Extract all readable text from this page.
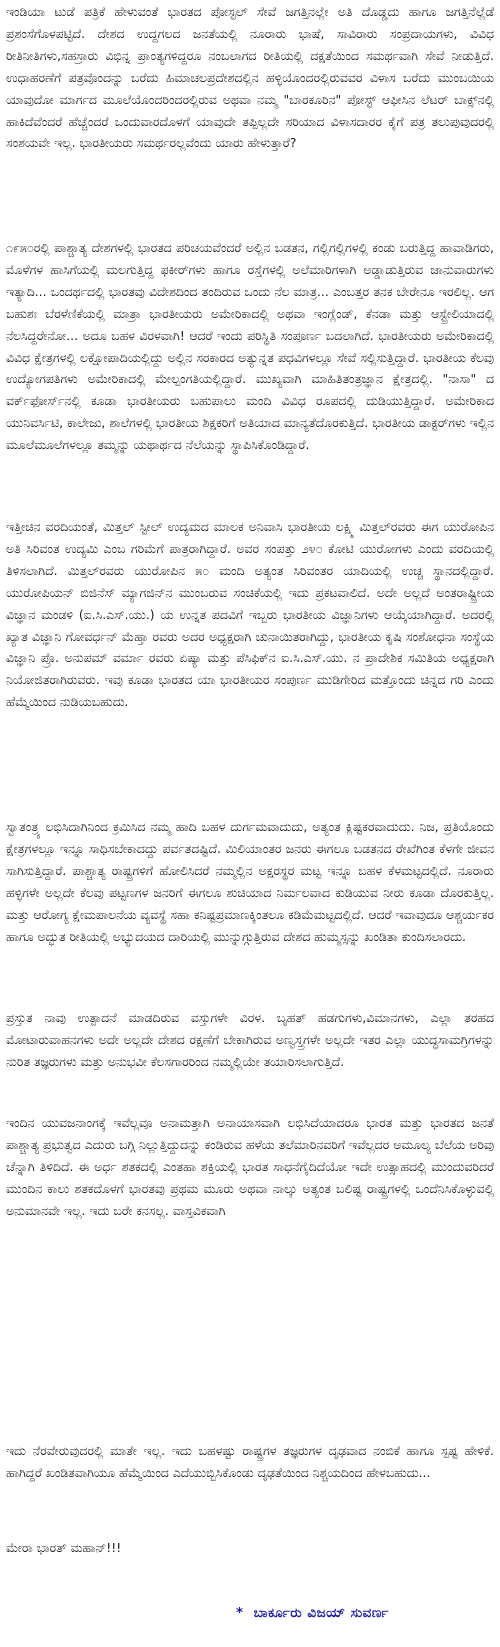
ಇಂಡಿಯಾ ಟುಡೆ ಪತ್ರಿಕೆ ಹೇಳುವಂತೆ ಭಾರತದ ಪೋಸ್ಟಲ್ ಸೇವೆ ಜಗತ್ತಿನಲ್ಲೇ ಅತಿ ದೊಡ್ಡದು ಹಾಗೂ ಜಗತ್ತಿನೆಲ್ಲೆಡೆ ಪ್ರಶಂಸೆಗೊಳಪಟ್ಟಿದೆ. ದೇಶದ ಉದ್ದಗಲದ ಜನತೆಯಲ್ಲಿ ನೂರಾರು ಭಾಷೆ, ಸಾವಿರಾರು ಸಂಪ್ರದಾಯಗಳು, ವಿವಿಧ ರೀತಿನೀತಿಗಳು,ಸಹಸ್ರಾರು ವಿಭಿನ್ನ ಪ್ರಾಂತ್ಯಗಳಿದ್ದರೂ ನಂಬಲಾಗದ ರೀತಿಯಲ್ಲಿ ದಕ್ಷತೆಯಿಂದ ಸಮರ್ಥವಾಗಿ ಸೇವೆ ನೀಡುತ್ತಿದೆ. ಉಧಾಹರಣೆಗೆ ಪತ್ರವೊಂದನ್ನು ಬರೆದು ಹಿಮಾಚಲಪ್ರದೇಶದಲ್ಲಿನ ಹಳ್ಳಿಯೊಂದರಲ್ಲಿರುವವರ ವಿಳಾಸ ಬರೆದು ಮುಂಬಯಿಯ ಯಾವುದೋ ಮಾರ್ಗದ ಮೂಲೆಯೊಂದರಿಂದರಲ್ಲಿರುವ ಅಥವಾ ನಮ್ಮ "ಬಾರಕೂರಿನ" ಪೋಸ್ಟ್ ಆಫೀಸಿನ ಲೆಟರ್ ಬಾಕ್ಸ್‌ನಲ್ಲಿ ಹಾಕಿದೆವೆಂದರೆ ಹೆಚ್ಚೆಂದರೆ ಒಂದುವಾರದೊಳಗೆ ಯಾವುದೇ ತಪ್ಪಿಲ್ಲದೇ ಸರಿಯಾದ ವಿಳಾಸದಾರರ ಕೈಗೆ ಪತ್ರ ತಲುಪುವುದರಲ್ಲಿ ಸಂಶಯವೇ ಇಲ್ಲ. ಭಾರತೀಯರು ಸಮರ್ಥರಲ್ಲವೆಂದು ಯಾರು ಹೇಳುತ್ತಾರೆ?

೧೯೫೦ರಲ್ಲಿ ಪಾಶ್ಚಾತ್ಯ ದೇಶಗಳಲ್ಲಿ ಭಾರತದ ಪರಿಚಯವೆಂದರೆ ಅಲ್ಲಿನ ಬಡತನ, ಗಲ್ಲಿಗಲ್ಲಿಗಳಲ್ಲಿ ಕಂಡು ಬರುತ್ತಿದ್ದ ಹಾವಾಡಿಗರು, ಮೊಳೆಗಳ ಹಾಸಿಗೆಯಲ್ಲಿ ಮಲಗುತ್ತಿದ್ದ ಫಕೀರ್‌ಗಳು ಹಾಗೂ ರಸ್ತೆಗಳಲ್ಲಿ ಅಲೆಮಾರಿಗಳಾಗಿ ಅಡ್ಡಾಡುತ್ತಿರುವ ಜಾನುವಾರುಗಳು ಇತ್ಯಾದಿ... ಒಂದರ್ಥದಲ್ಲಿ ಭಾರತವು ವಿದೇಶದಿಂದ ತಂದಿರುವ ಒಂದು ನೆಲ ಮಾತ್ರ... ಎಂಬತ್ತರ ತನಕ ಬೇರೇನೂ ಇರಲಿಲ್ಲ. ಆಗ ಬಹುಶಃ ಬೆರಳೆಣಿಕೆಯಲ್ಲಿ ಮಾತ್ರಾ ಭಾರತೀಯರು ಅಮೇರಿಕಾದಲ್ಲಿ ಅಥವಾ ಇಂಗ್ಲೆಂಡ್, ಕೆನಡಾ ಮತ್ತು ಆಸ್ಟ್ರೇಲಿಯಾದಲ್ಲಿ ನೆಲಸಿದ್ದರೇನೋ... ಅದೂ ಬಹಳ ವಿರಳವಾಗಿ! ಆದರೆ ಇಂದು ಪರಿಸ್ಥಿತಿ ಸಂಪೂರ್ಣ ಬದಲಾಗಿದೆ. ಭಾರತೀಯರು ಅಮೇರಿಕಾದಲ್ಲಿ ವಿವಿಧ ಕ್ಷೇತ್ರಗಳಲ್ಲಿ ಲಕ್ಷೋಪಾದಿಯಲ್ಲಿದ್ದು ಅಲ್ಲಿನ ಸರಕಾರದ ಅತ್ಯುನ್ನತ ಪಧವಿಗಳಲ್ಲೂ ಸೇವೆ ಸಲ್ಲಿಸುತ್ತಿದ್ದಾರೆ. ಭಾರತೀಯ ಕೆಲವು ಉದ್ಯೋಗಪತಿಗಳು ಅಮೇರಿಕಾದಲ್ಲಿ ಮೇಲ್ಪಂಗತಿಯಲ್ಲಿದ್ದಾರೆ. ಮುಖ್ಯವಾಗಿ ಮಾಹಿತಿತಂತ್ರಜ್ಞಾನ ಕ್ಷೇತ್ರದಲ್ಲಿ. "ನಾಸಾ" ದ ವರ್ಕ್‌ಫೋರ್ಸ್‌ನಲ್ಲಿ ಕೂಡಾ ಭಾರತೀಯರು ಬಹುಪಾಲು ಮಂದಿ ವಿವಿಧ ರೂಪದಲ್ಲಿ ದುಡಿಯುತ್ತಿದ್ದಾರೆ. ಅಮೇರಿಕಾದ ಯುನಿವರ್ಸಿಟಿ, ಕಾಲೇಜು, ಶಾಲೆಗಳಲ್ಲಿ ಭಾರತೀಯ ಶಿಕ್ಷಕರಿಗೆ ಅತಿಯಾದ ಮಾನ್ಯತೆದೊರಕುತ್ತಿದೆ. ಭಾರತೀಯ ಡಾಕ್ಟರ್‌ಗಳು ಇಲ್ಲಿನ ಮೂಲೆಮೂಲೆಗಳಲ್ಲೂ ತಮ್ಮನ್ನು ಯಥಾರ್ಥದ ನೆಲೆಯನ್ನು ಸ್ಥಾಪಿಸಿಕೊಂಡಿದ್ದಾರೆ.

ಇತ್ತೀಚಿನ ವರದಿಯಂತೆ, ಮಿತ್ತಲ್ ಸ್ಟೀಲ್ ಉದ್ಯಮದ ಮಾಲಕ ಅನಿವಾಸಿ ಭಾರತೀಯ ಲಕ್ಷ್ಮಿ ಮಿತ್ತಲ್‌ರವರು ಈಗ ಯುರೋಪಿನ ಅತಿ ಸಿರಿವಂತ ಉದ್ಯಮಿ ಎಂಬ ಗರಿಮೆಗೆ ಪಾತ್ರರಾಗಿದ್ದಾರೆ. ಅವರ ಸಂಪತ್ತು ೨೪೦ ಕೋಟಿ ಯುರೋಗಳು ಎಂದು ವರದಿಯಲ್ಲಿ ತಿಳಿಸಲಾಗಿದೆ. ಮಿತ್ತಲ್‌ರವರು ಯುರೋಪಿನ ೫೦ ಮಂದಿ ಅತ್ಯಂತ ಸಿರಿವಂತರ ಯಾದಿಯಲ್ಲಿ ಉಚ್ಚ ಸ್ಥಾನದಲ್ಲಿದ್ದಾರೆ. ಯುರೋಪಿಯನ್ ಬಿಜಿನೆಸ್ ಮ್ಯಾಗಜಿನ್‌ನ ಮುಂಬರುವ ಸಂಚಿಕೆಯಲ್ಲಿ ಇದು ಪ್ರಕಟವಾಲಿದೆ. ಅದೇ ಅಲ್ಲದೆ ಅಂತರಾಷ್ಟ್ರೀಯ ವಿಜ್ಞಾನ ಮಂಡಳಿ (ಐ.ಸಿ.ಎಸ್.ಯು.) ಯ ಉನ್ನತ ಪದವಿಗೆ ಇಬ್ಬರು ಭಾರತೀಯ ವಿಜ್ಞಾನಿಗಳು ಆಯ್ಕೆಯಾಗಿದ್ದಾರೆ. ಅದರಲ್ಲಿ ಖ್ಯಾತ ವಿಜ್ಞಾನಿ ಗೋವರ್ಧನ್ ಮೆಹ್ತಾ ರವರು ಅದರ ಅಧ್ಯಕ್ಷರಾಗಿ ಚುನಾಯಿತರಾಗಿದ್ದು, ಭಾರತೀಯ ಕೃಷಿ ಸಂಶೋಧನಾ ಸಂಸ್ಥೆಯ ವಿಜ್ಞಾನಿ ಪ್ರೊ. ಅನುಪಮ್ ವರ್ಮಾ ರವರು ಏಷ್ಯಾ ಮತ್ತು ಪೆಸಿಫಿಕ್‌ನ ಐ.ಸಿ.ಎಸ್.ಯು. ನ ಪ್ರಾದೇಶಿಕ ಸಮಿತಿಯ ಅಧ್ಯಕ್ಷರಾಗಿ ನಿಯೋಜಿತರಾಗಿರುವರು. ಇವು ಕೂಡಾ ಭಾರತದ ಯಾ ಭಾರತೀಯರ ಸಂಪುರ್ಣ ಮುಡಿಗೇರಿದ ಮತ್ತೊಂದು ಚಿನ್ನದ ಗರಿ ಎಂದು ಹೆಮ್ಮೆಯಿಂದ ನುಡಿಯಬಹುದು.

ಸ್ವಾತಂತ್ರ್ಯ ಲಭಿಸಿದಾಗಿನಿಂದ ಕ್ರಮಿಸಿದ ನಮ್ಮ ಹಾದಿ ಬಹಳ ದುರ್ಗಮವಾದುದು, ಅತ್ಯಂತ ಕ್ಲಿಷ್ಟಕರವಾದುದು. ನಿಜ, ಪ್ರತಿಯೊಂದು ಕ್ಷೇತ್ರಗಳಲ್ಲೂ ಇನ್ನೂ ಸಾಧಿಸಬೇಕಾದದ್ದು ಪರ್ವತದಷ್ಟಿದೆ. ಮಿಲಿಯಾಂತರ ಜನರು ಈಗಲೂ ಬಡತನದ ರೇಖೆಗಿಂತ ಕೆಳಗೇ ಜೀವನ ಸಾಗಿಸುತ್ತಿದ್ದಾರೆ. ಪಾಶ್ಚಾತ್ಯ ರಾಷ್ಟ್ರಗಳಿಗೆ ಹೋಲಿಸಿದರೆ ನಮ್ಮಲ್ಲಿನ ಅಕ್ಷರಸ್ಥರ ಮಟ್ಟ ಇನ್ನೂ ಬಹಳ ಕೆಳಮಟ್ಟದಲ್ಲಿದೆ. ನೂರಾರು ಹಳ್ಳಿಗಳೇ ಅಲ್ಲದೇ ಕೆಲವು ಪಟ್ಟಣಗಳ ಜನರಿಗೆ ಈಗಲೂ ಶುಚಿಯಾದ ನಿರ್ಮಲವಾದ ಕುಡಿಯುವ ನೀರು ಕೂಡಾ ದೊರಕುತ್ತಿಲ್ಲ. ಮತ್ತು ಆರೋಗ್ಯ ಕ್ಷೇಮಪಾಲನೆಯ ವ್ಯವಸ್ಥೆ ಸಹಾ ಕನಿಷ್ಟಪ್ರಮಾಣಕ್ಕಿಂತಲೂ ಕಡಿಮೆಮಟ್ಟದಲ್ಲಿದೆ. ಆದರೆ ಇವಾವುದೂ ಆಶ್ಚರ್ಯಕರ ಹಾಗೂ ಅದ್ಭುತ ರೀತಿಯಲ್ಲಿ ಅಭ್ಯುದಯದ ದಾರಿಯಲ್ಲಿ ಮುನ್ನುಗ್ಗುತ್ತಿರುವ ದೇಶದ ಹುಮ್ಮಸ್ಸನ್ನು ಖಂಡಿತಾ ಕುಂದಿಸಲಾರದು.

ಪ್ರಸ್ತುತ ನಾವು ಉತ್ಪಾದನೆ ಮಾಡದಿರುವ ವಸ್ತುಗಳೇ ವಿರಳ. ಬೃಹತ್ ಹಡಗುಗಳು,ವಿಮಾನಗಳು, ಎಲ್ಲಾ ತರಹದ ಮೋಟಾರುವಾಹನಗಳು ಅದೇ ಅಲ್ಲದೇ ದೇಶದ ರಕ್ಷಣೆಗೆ ಬೇಕಾಗಿರುವ ಅಣ್ವಸ್ತ್ರಗಳೇ ಅಲ್ಲದೇ ಇತರ ಎಲ್ಲಾ ಯುದ್ಧಸಾಮಗ್ರಿಗಳನ್ನು ನುರಿತ ತಜ್ಞರುಗಳು ಮತ್ತು ಅನುಭವೀ ಕೆಲಸಗಾರರಿಂದ ನಮ್ಮಲ್ಲಿಯೇ ತಯಾರಿಸಲಾಗುತ್ತಿದೆ.

ಇಂದಿನ ಯುವಜನಾಂಗಕ್ಕೆ ಇವೆಲ್ಲವೂ ಅನಾಮತ್ತಾಗಿ ಅನಾಯಾಸವಾಗಿ ಲಭಿಸಿದೆಯಾದರೂ ಭಾರತ ಮತ್ತು ಭಾರತದ ಜನತೆ ಪಾಶ್ಚಾತ್ಯ ಪ್ರಭುತ್ವದ ಎದುರು ಬಗ್ಗಿ ನಿಲ್ಲುತ್ತಿದ್ದುದನ್ನು ಕಂಡಿರುವ ಹಳೆಯ ತಲೆಮಾರಿನವರಿಗೆ ಇವೆಲ್ಲದರ ಅಮೂಲ್ಯ ಬೆಲೆಯ ಅರಿವು ಚೆನ್ನಾಗಿ ತಿಳಿದಿದೆ. ಈ ಅರ್ಧ ಶತಕದಲ್ಲಿ ಎಂತಹಾ ಶಕ್ತಿಯಲ್ಲಿ ಭಾರತ ಸಾಧನೆಗೈದಿದೆಯೋ ಇದೇ ಉತ್ಸಾಹದಲ್ಲಿ ಮುಂದುವರಿದರೆ ಮುಂದಿನ ಕಾಲು ಶತಕದೊಳಗೆ ಭಾರತವು ಪ್ರಥಮ ಮೂರು ಅಥವಾ ನಾಲ್ಕು ಅತ್ಯಂತ ಬಲಿಷ್ಟ ರಾಷ್ಟ್ರಗಳಲ್ಲಿ ಒಂದೆನಿಸಿಕೊಳ್ಳುವಲ್ಲಿ ಅನುಮಾನವೇ ಇಲ್ಲ. ಇದು ಬರೇ ಕನಸಲ್ಲ. ವಾಸ್ತವಿಕವಾಗಿ

ಇದು ನೆರವೇರುವುದರಲ್ಲಿ ಮಾತೇ ಇಲ್ಲ. ಇದು ಬಹಳಷ್ಟು ರಾಷ್ಟ್ರಗಳ ತಜ್ಞರುಗಳ ದೃಢವಾದ ನಂಬಿಕೆ ಹಾಗೂ ಸ್ಪಷ್ಟ ಹೇಳಿಕೆ. ಹಾಗಿದ್ದರೆ ಖಂಡಿತವಾಗಿಯೂ ಹೆಮ್ಮೆಯಿಂದ ಎದೆಯುಬ್ಬಿಸಿಕೊಂಡು ದೃಢತೆಯಿಂದ ನಿಶ್ಚಯದಿಂದ ಹೇಳಬಹುದು...

ಮೇರಾ ಭಾರತ್ ಮಹಾನ್!!!

* ಬಾರ್ಕೂರು ವಿಜಯ್ ಸುವರ್ಣ
